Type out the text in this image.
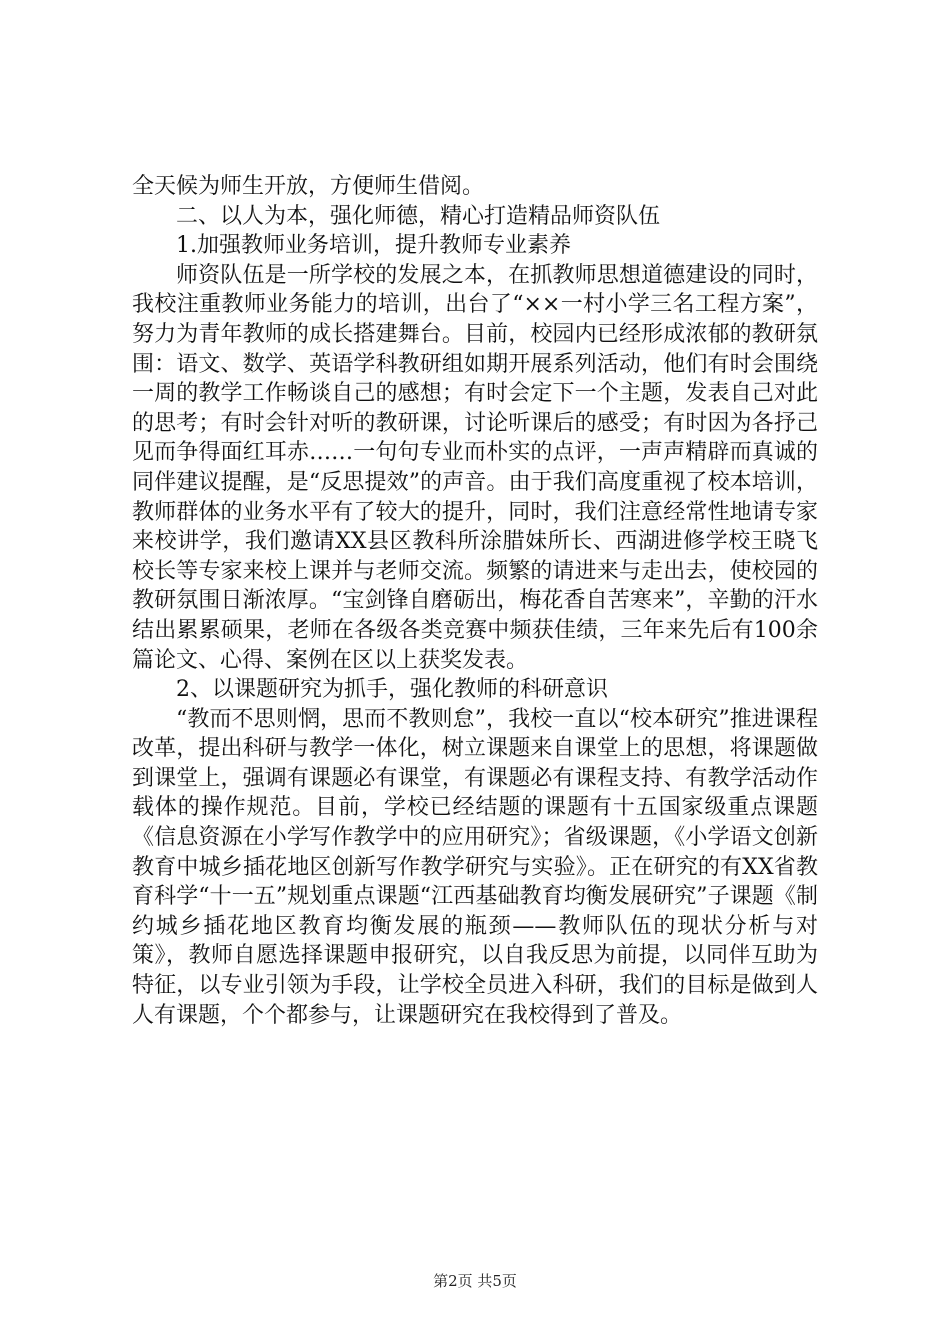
全天候为师生开放，方便师生借阅。

二、以人为本，强化师德，精心打造精品师资队伍

1.加强教师业务培训，提升教师专业素养

师资队伍是一所学校的发展之本，在抓教师思想道德建设的同时，我校注重教师业务能力的培训，出台了“××一村小学三名工程方案”，努力为青年教师的成长搭建舞台。目前，校园内已经形成浓郁的教研氛围：语文、数学、英语学科教研组如期开展系列活动，他们有时会围绕一周的教学工作畅谈自己的感想；有时会定下一个主题，发表自己对此的思考；有时会针对听的教研课，讨论听课后的感受；有时因为各抒己见而争得面红耳赤……一句句专业而朴实的点评，一声声精辟而真诚的同伴建议提醒，是“反思提效”的声音。由于我们高度重视了校本培训，教师群体的业务水平有了较大的提升，同时，我们注意经常性地请专家来校讲学，我们邀请XX县区教科所涂腊妹所长、西湖进修学校王晓飞校长等专家来校上课并与老师交流。频繁的请进来与走出去，使校园的教研氛围日渐浓厚。“宝剑锋自磨砺出，梅花香自苦寒来”，辛勤的汗水结出累累硕果，老师在各级各类竞赛中频获佳绩，三年来先后有100余篇论文、心得、案例在区以上获奖发表。

2、以课题研究为抓手，强化教师的科研意识

“教而不思则惘，思而不教则怠”，我校一直以“校本研究”推进课程改革，提出科研与教学一体化，树立课题来自课堂上的思想，将课题做到课堂上，强调有课题必有课堂，有课题必有课程支持、有教学活动作载体的操作规范。目前，学校已经结题的课题有十五国家级重点课题《信息资源在小学写作教学中的应用研究》；省级课题，《小学语文创新教育中城乡插花地区创新写作教学研究与实验》。正在研究的有XX省教育科学“十一五”规划重点课题“江西基础教育均衡发展研究”子课题《制约城乡插花地区教育均衡发展的瓶颈——教师队伍的现状分析与对策》，教师自愿选择课题申报研究，以自我反思为前提，以同伴互助为特征，以专业引领为手段，让学校全员进入科研，我们的目标是做到人人有课题，个个都参与，让课题研究在我校得到了普及。

第2页 共5页
